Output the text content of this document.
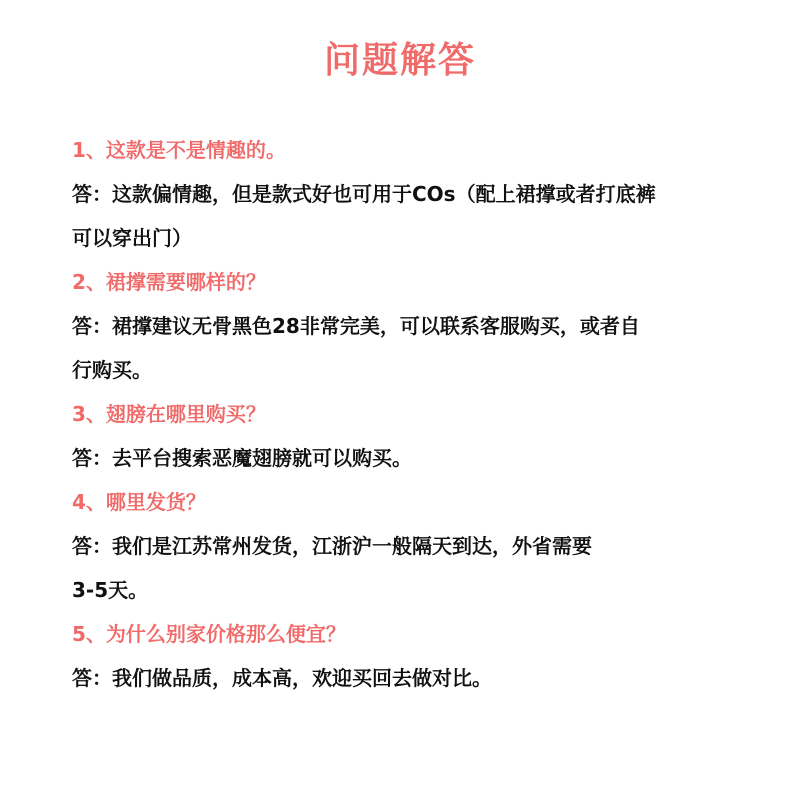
问题解答
1、这款是不是情趣的。
答：这款偏情趣，但是款式好也可用于COs（配上裙撑或者打底裤
可以穿出门）
2、裙撑需要哪样的？
答：裙撑建议无骨黑色28非常完美，可以联系客服购买，或者自
行购买。
3、翅膀在哪里购买？
答：去平台搜索恶魔翅膀就可以购买。
4、哪里发货？
答：我们是江苏常州发货，江浙沪一般隔天到达，外省需要
3-5天。
5、为什么别家价格那么便宜？
答：我们做品质，成本高，欢迎买回去做对比。
